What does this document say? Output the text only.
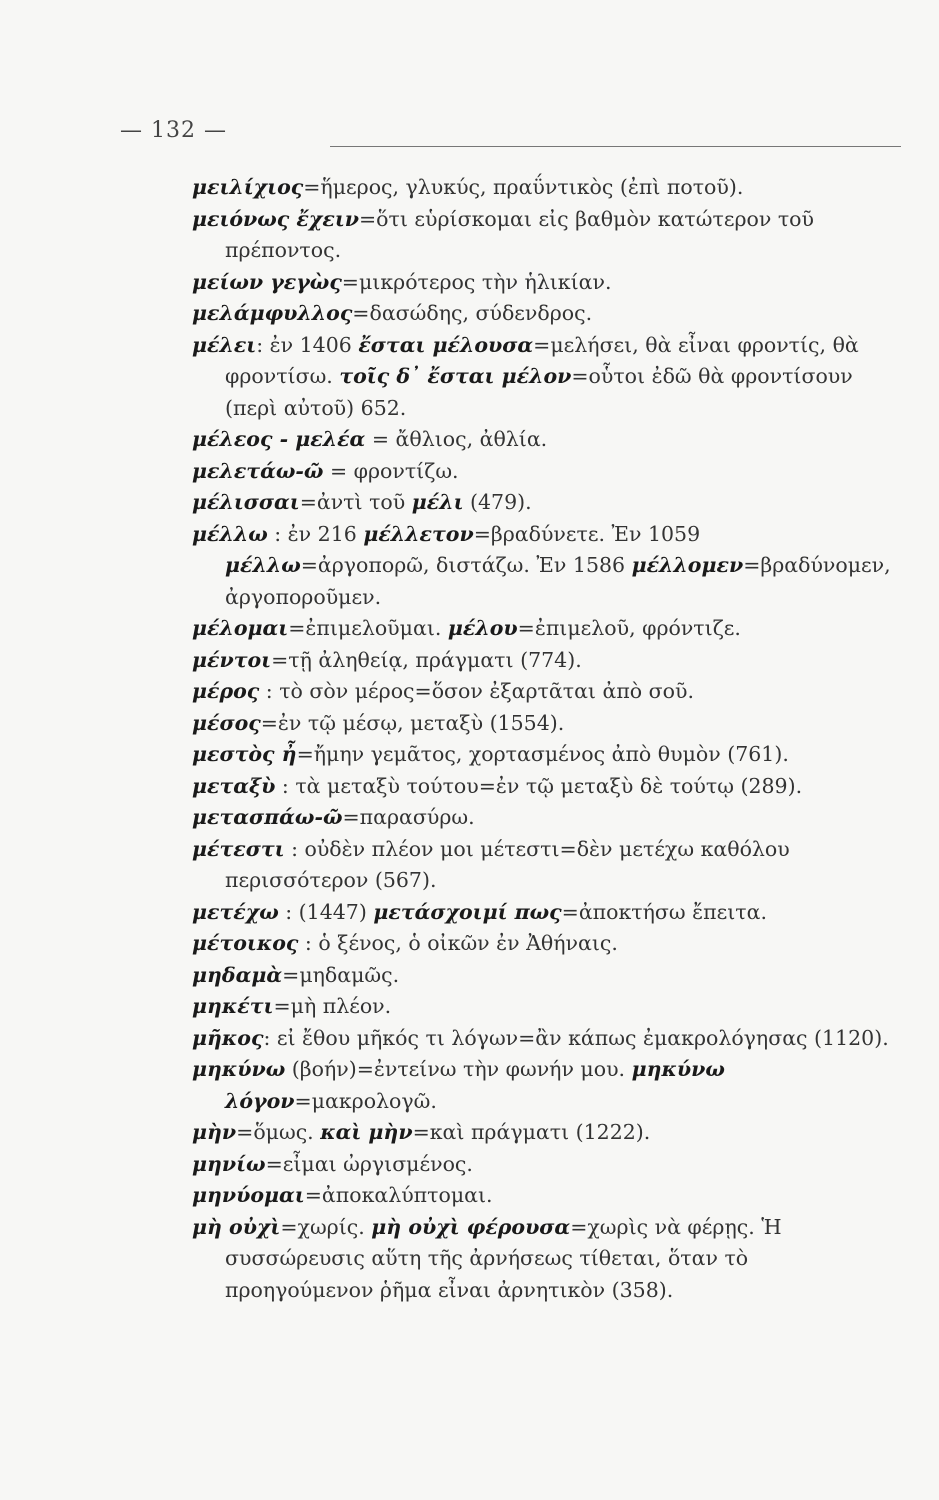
— 132 —

μειλίχιος=ἥμερος, γλυκύς, πραΰντικὸς (ἐπὶ ποτοῦ).

μειόνως ἔχειν=ὅτι εὑρίσκομαι εἰς βαθμὸν κατώτερον τοῦ πρέποντος.

μείων γεγὼς=μικρότερος τὴν ἡλικίαν.

μελάμφυλλος=δασώδης, σύδενδρος.

μέλει: ἐν 1406 ἔσται μέλουσα=μελήσει, θὰ εἶναι φροντίς, θὰ φροντίσω. τοῖς δ᾽ ἔσται μέλον=οὗτοι ἐδῶ θὰ φροντίσουν (περὶ αὐτοῦ) 652.

μέλεος - μελέα = ἄθλιος, ἀθλία.

μελετάω-ῶ = φροντίζω.

μέλισσαι=ἀντὶ τοῦ μέλι (479).

μέλλω : ἐν 216 μέλλετον=βραδύνετε. Ἐν 1059 μέλλω=ἀργοπορῶ, διστάζω. Ἐν 1586 μέλλομεν=βραδύνομεν, ἀργοποροῦμεν.

μέλομαι=ἐπιμελοῦμαι. μέλου=ἐπιμελοῦ, φρόντιζε.

μέντοι=τῇ ἀληθείᾳ, πράγματι (774).

μέρος : τὸ σὸν μέρος=ὅσον ἐξαρτᾶται ἀπὸ σοῦ.

μέσος=ἐν τῷ μέσῳ, μεταξὺ (1554).

μεστὸς ἦ=ἤμην γεμᾶτος, χορτασμένος ἀπὸ θυμὸν (761).

μεταξὺ : τὰ μεταξὺ τούτου=ἐν τῷ μεταξὺ δὲ τούτῳ (289).

μετασπάω-ῶ=παρασύρω.

μέτεστι : οὐδὲν πλέον μοι μέτεστι=δὲν μετέχω καθόλου περισσότερον (567).

μετέχω : (1447) μετάσχοιμί πως=ἀποκτήσω ἔπειτα.

μέτοικος : ὁ ξένος, ὁ οἰκῶν ἐν Ἀθήναις.

μηδαμὰ=μηδαμῶς.

μηκέτι=μὴ πλέον.

μῆκος: εἰ ἔθου μῆκός τι λόγων=ἂν κάπως ἐμακρολόγησας (1120).

μηκύνω (βοήν)=ἐντείνω τὴν φωνήν μου. μηκύνω λόγον=μακρολογῶ.

μὴν=ὅμως. καὶ μὴν=καὶ πράγματι (1222).

μηνίω=εἶμαι ὠργισμένος.

μηνύομαι=ἀποκαλύπτομαι.

μὴ οὐχὶ=χωρίς. μὴ οὐχὶ φέρουσα=χωρὶς νὰ φέρῃς. Ἡ συσσώρευσις αὕτη τῆς ἀρνήσεως τίθεται, ὅταν τὸ προηγούμενον ῥῆμα εἶναι ἀρνητικὸν (358).
